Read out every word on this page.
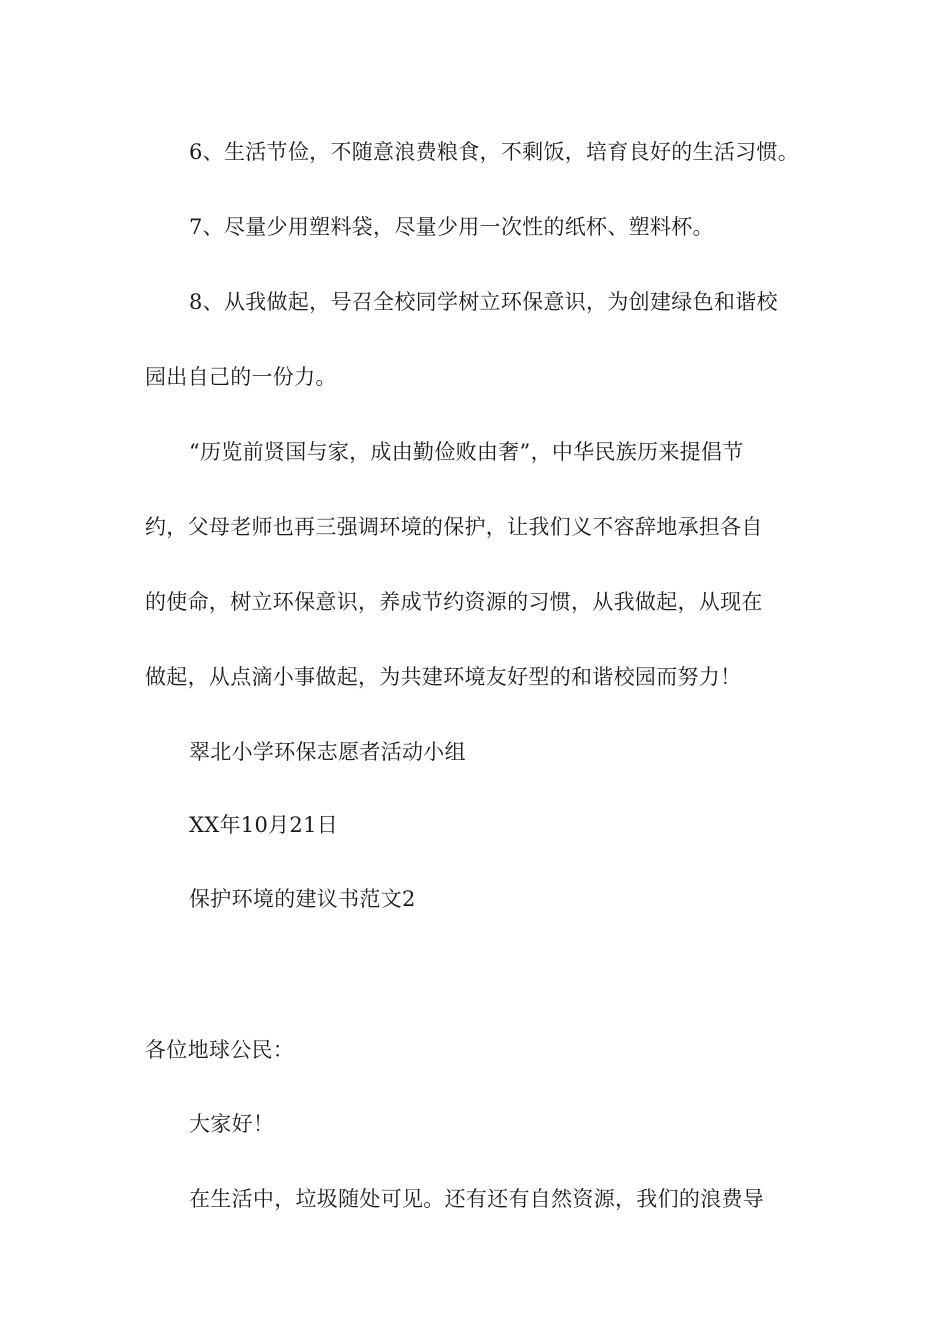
6、生活节俭，不随意浪费粮食，不剩饭，培育良好的生活习惯。
7、尽量少用塑料袋，尽量少用一次性的纸杯、塑料杯。
8、从我做起，号召全校同学树立环保意识，为创建绿色和谐校
园出自己的一份力。
“历览前贤国与家，成由勤俭败由奢”，中华民族历来提倡节
约，父母老师也再三强调环境的保护，让我们义不容辞地承担各自
的使命，树立环保意识，养成节约资源的习惯，从我做起，从现在
做起，从点滴小事做起，为共建环境友好型的和谐校园而努力！
翠北小学环保志愿者活动小组
XX年10月21日
保护环境的建议书范文2
各位地球公民：
大家好！
在生活中，垃圾随处可见。还有还有自然资源，我们的浪费导
